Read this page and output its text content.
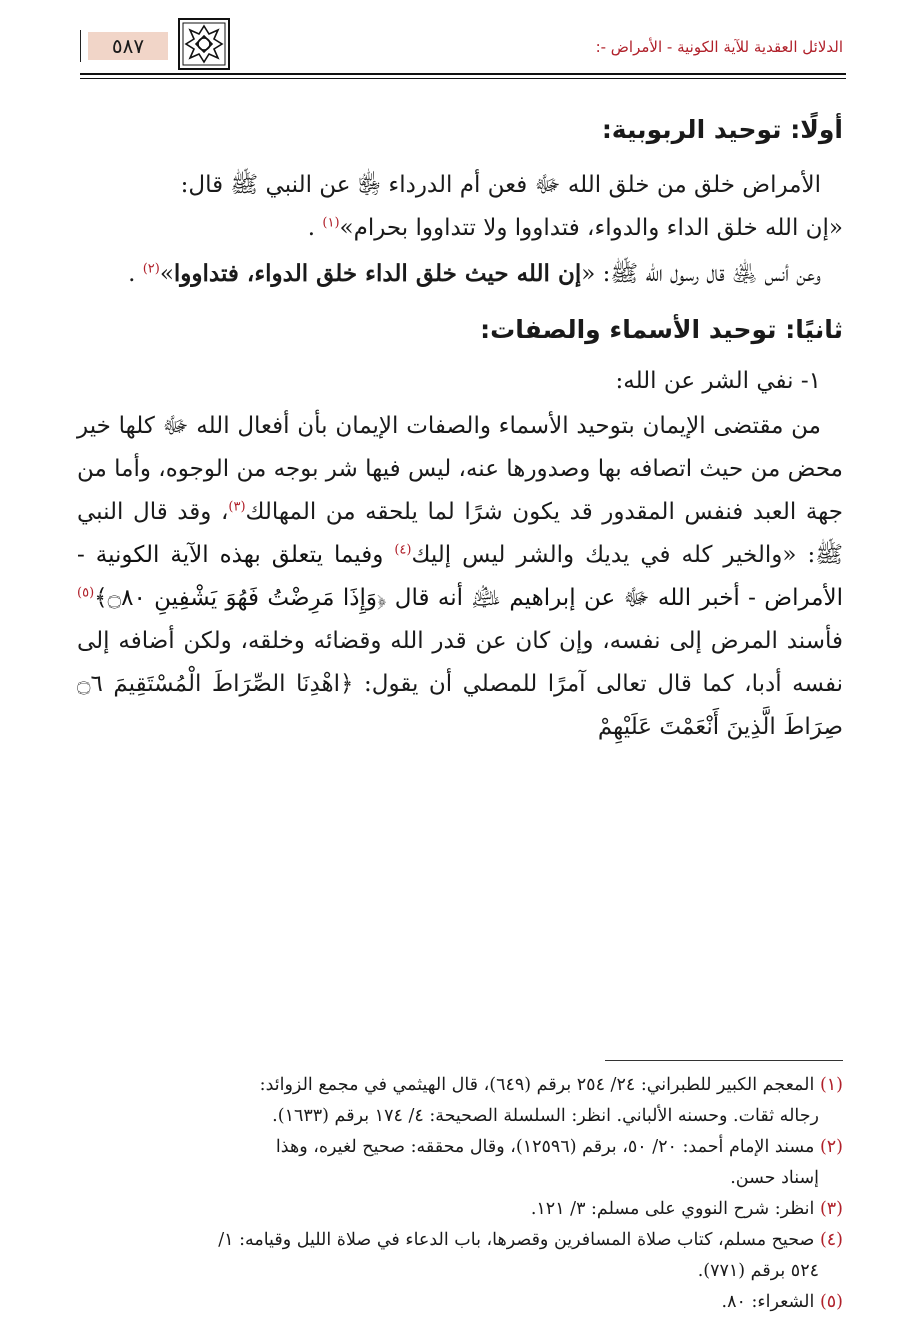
الدلائل العقدية للآية الكونية - الأمراض -:
٥٨٧
أولًا: توحيد الربوبية:

الأمراض خلق من خلق الله ﷻ فعن أم الدرداء ﵂ عن النبي ﷺ قال:
«إن الله خلق الداء والدواء، فتداووا ولا تتداووا بحرام»$^{(١)}$ .

وعن أنس ﵁ قال رسول الله ﷺ: «إن الله حيث خلق الداء خلق الدواء، فتداووا»$^{(٢)}$ .

ثانيًا: توحيد الأسماء والصفات:

١- نفي الشر عن الله:

من مقتضى الإيمان بتوحيد الأسماء والصفات الإيمان بأن أفعال الله ﷻ كلها خير محض من حيث اتصافه بها وصدورها عنه، ليس فيها شر بوجه من الوجوه، وأما من جهة العبد فنفس المقدور قد يكون شرًا لما يلحقه من المهالك$^{(٣)}$، وقد قال النبي ﷺ: «والخير كله في يديك والشر ليس إليك$^{(٤)}$ وفيما يتعلق بهذه الآية الكونية - الأمراض - أخبر الله ﷻ عن إبراهيم ﵇ أنه قال ﴿وَإِذَا مَرِضْتُ فَهُوَ يَشْفِينِ ۝٨٠﴾$^{(٥)}$ فأسند المرض إلى نفسه، وإن كان عن قدر الله وقضائه وخلقه، ولكن أضافه إلى نفسه أدبا، كما قال تعالى آمرًا للمصلي أن يقول: ﴿اهْدِنَا الصِّرَاطَ الْمُسْتَقِيمَ ۝٦ صِرَاطَ الَّذِينَ أَنْعَمْتَ عَلَيْهِمْ

(١) المعجم الكبير للطبراني: ٢٤/ ٢٥٤ برقم (٦٤٩)، قال الهيثمي في مجمع الزوائد:

رجاله ثقات. وحسنه الألباني. انظر: السلسلة الصحيحة: ٤/ ١٧٤ برقم (١٦٣٣).

(٢) مسند الإمام أحمد: ٢٠/ ٥٠، برقم (١٢٥٩٦)، وقال محققه: صحيح لغيره، وهذا

إسناد حسن.

(٣) انظر: شرح النووي على مسلم: ٣/ ١٢١.

(٤) صحيح مسلم، كتاب صلاة المسافرين وقصرها، باب الدعاء في صلاة الليل وقيامه: ١/

٥٢٤ برقم (٧٧١).

(٥) الشعراء: ٨٠.
